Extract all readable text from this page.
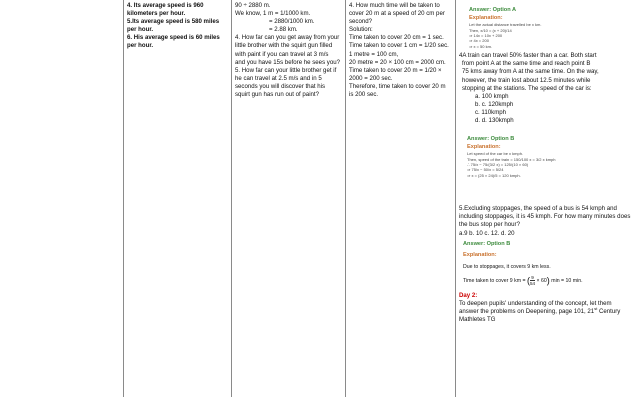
4. Its average speed is 960
kilometers per hour.
5.Its average speed is 580 miles
per hour.
6. His average speed is 60 miles
per hour.
90 ÷ 2880 m.
We know, 1 m = 1/1000 km.
= 2880/1000 km.
= 2.88 km.
4. How far can you get away from your
little brother with the squirt gun filled
with paint if you can travel at 3 m/s
and you have 15s before he sees you?
5. How far can your little brother get if
he can travel at 2.5 m/s and in 5
seconds you will discover that his
squirt gun has run out of paint?
4. How much time will be taken to
cover 20 m at a speed of 20 cm per
second?
Solution:
Time taken to cover 20 cm = 1 sec.
Time taken to cover 1 cm = 1/20 sec.
1 metre = 100 cm,
20 metre = 20 × 100 cm = 2000 cm.
Time taken to cover 20 m = 1/20 ×
2000 = 200 sec.
Therefore, time taken to cover 20 m
is 200 sec.
Answer: Option A
Explanation:
Let the actual distance travelled be x km.
Then, x/10 = (x + 20)/14
⇒ 14x = 10x + 200
⇒ 4x = 200
⇒ x = 50 km.
4A train can travel 50% faster than a car. Both start
from point A at the same time and reach point B
75 kms away from A at the same time. On the way,
however, the train lost about 12.5 minutes while
stopping at the stations. The speed of the car is:
a. 100 kmph
b. c. 120kmph
c. 110kmph
d. d. 130kmph
Answer: Option B
Explanation:
Let speed of the car be x kmph.
Then, speed of the train = 150/100 x = 3/2 x kmph
∴ 75/x − 75/(3/2 x) = 125/(10 × 60)
⇒ 75/x − 50/x = 5/24
⇒ x = (25 × 24)/5 = 120 kmph.
5.Excluding stoppages, the speed of a bus is 54 kmph and
including stoppages, it is 45 kmph. For how many minutes does
the bus stop per hour?
a.9 b. 10 c. 12. d. 20
Answer: Option B
Explanation:
Due to stoppages, it covers 9 km less.
Time taken to cover 9 km = ( $\frac{9}{54} \times 60$) min = 10 min.
Day 2:
To deepen pupils' understanding of the concept, let them
answer the problems on Deepening, page 101, 21st Century
Mathletes TG
